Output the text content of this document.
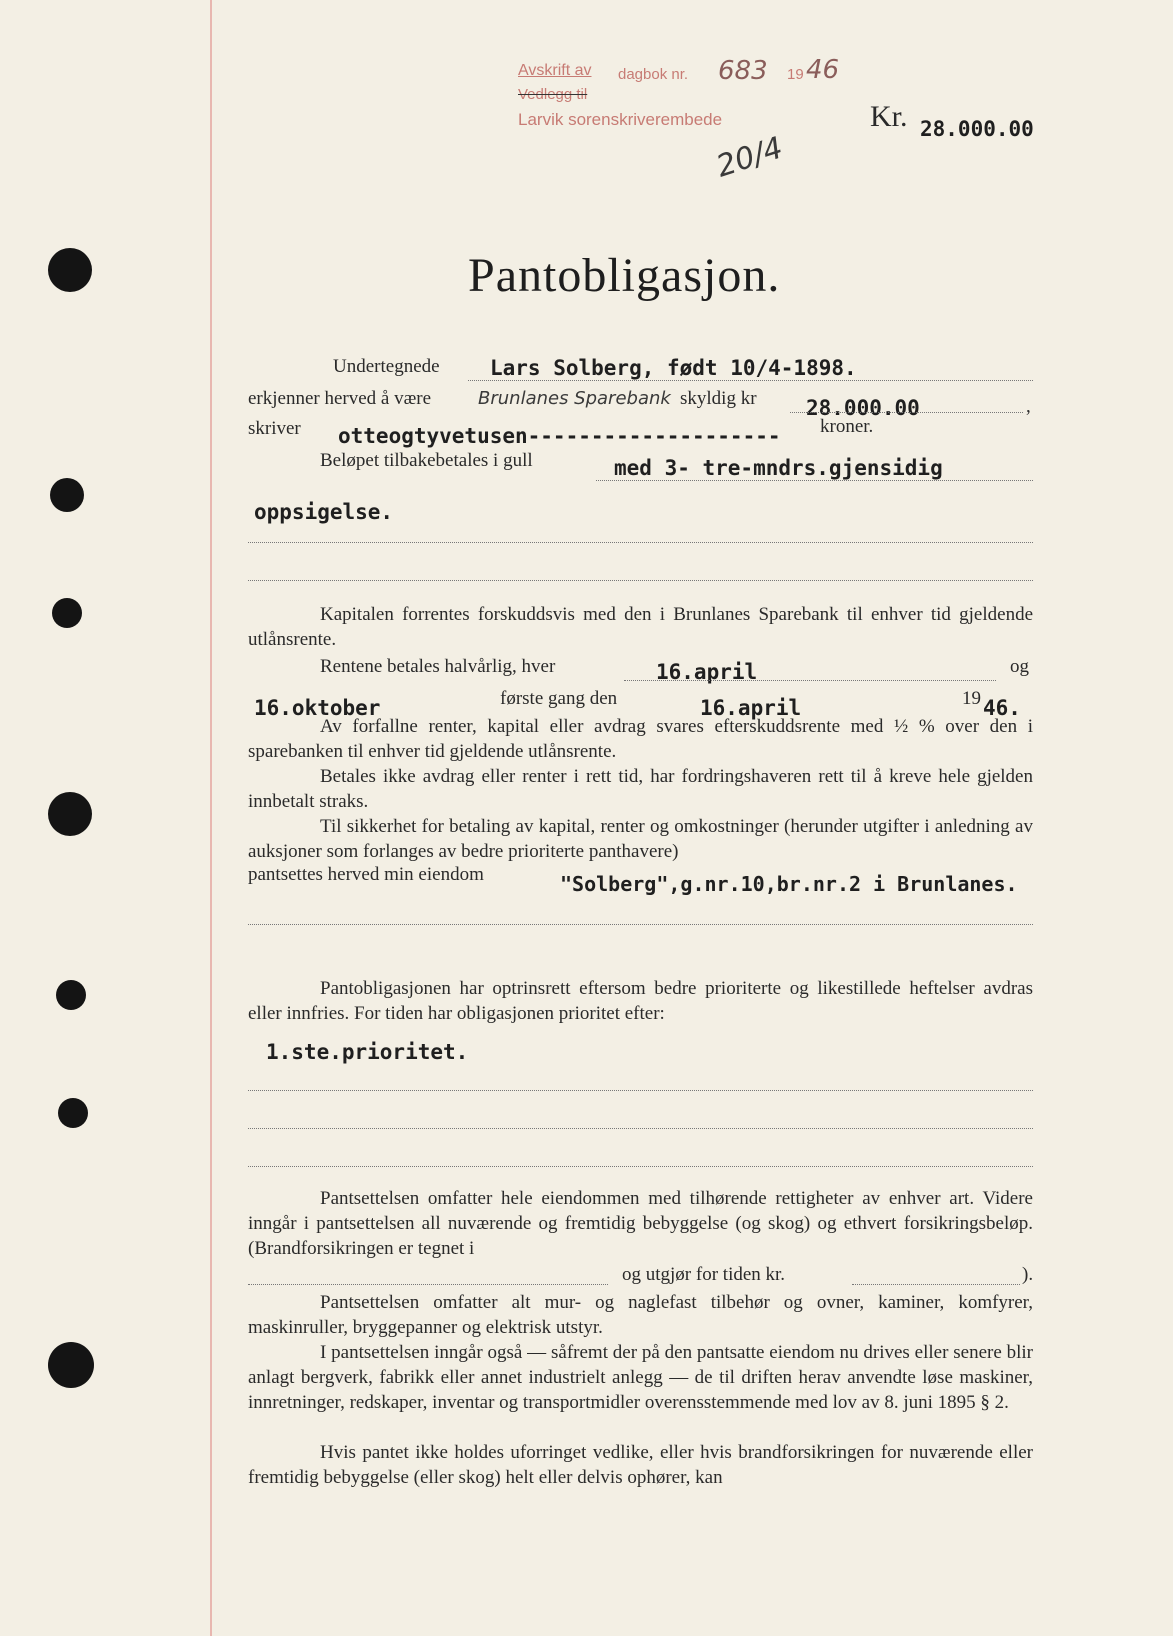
Avskrift av dagbok nr. 683 19 46
Vedlegg til
Larvik sorenskriverembede
20/4
Kr. 28.000.00
Pantobligasjon.
Undertegnede Lars Solberg, født 10/4-1898.
erkjenner herved å være	Brunlanes Sparebank skyldig kr 28.000.00	,
skriver otteogtyvetusen-------------------- kroner.
Beløpet tilbakebetales i gull	med 3- tre-mndrs.gjensidig
oppsigelse.
Kapitalen forrentes forskuddsvis med den i Brunlanes Sparebank til enhver tid gjeldende utlånsrente.
Rentene betales halvårlig, hver	16.april	og
16.oktober	første gang den	16.april	19 46.
Av forfallne renter, kapital eller avdrag svares efterskuddsrente med ½ % over den i sparebanken til enhver tid gjeldende utlånsrente.
Betales ikke avdrag eller renter i rett tid, har fordringshaveren rett til å kreve hele gjelden innbetalt straks.
Til sikkerhet for betaling av kapital, renter og omkostninger (herunder utgifter i anledning av auksjoner som forlanges av bedre prioriterte panthavere)
pantsettes herved min eiendom	"Solberg",g.nr.10,br.nr.2 i Brunlanes.
Pantobligasjonen har optrinsrett eftersom bedre prioriterte og likestillede heftelser avdras eller innfries. For tiden har obligasjonen prioritet efter:
1.ste.prioritet.
Pantsettelsen omfatter hele eiendommen med tilhørende rettigheter av enhver art. Videre inngår i pantsettelsen all nuværende og fremtidig bebyggelse (og skog) og ethvert forsikringsbeløp. (Brandforsikringen er tegnet i
og utgjør for tiden kr.	).
Pantsettelsen omfatter alt mur- og naglefast tilbehør og ovner, kaminer, komfyrer, maskinruller, bryggepanner og elektrisk utstyr.
I pantsettelsen inngår også — såfremt der på den pantsatte eiendom nu drives eller senere blir anlagt bergverk, fabrikk eller annet industrielt anlegg — de til driften herav anvendte løse maskiner, innretninger, redskaper, inventar og transportmidler overensstemmende med lov av 8. juni 1895 § 2.
Hvis pantet ikke holdes uforringet vedlike, eller hvis brandforsikringen for nuværende eller fremtidig bebyggelse (eller skog) helt eller delvis ophører, kan
